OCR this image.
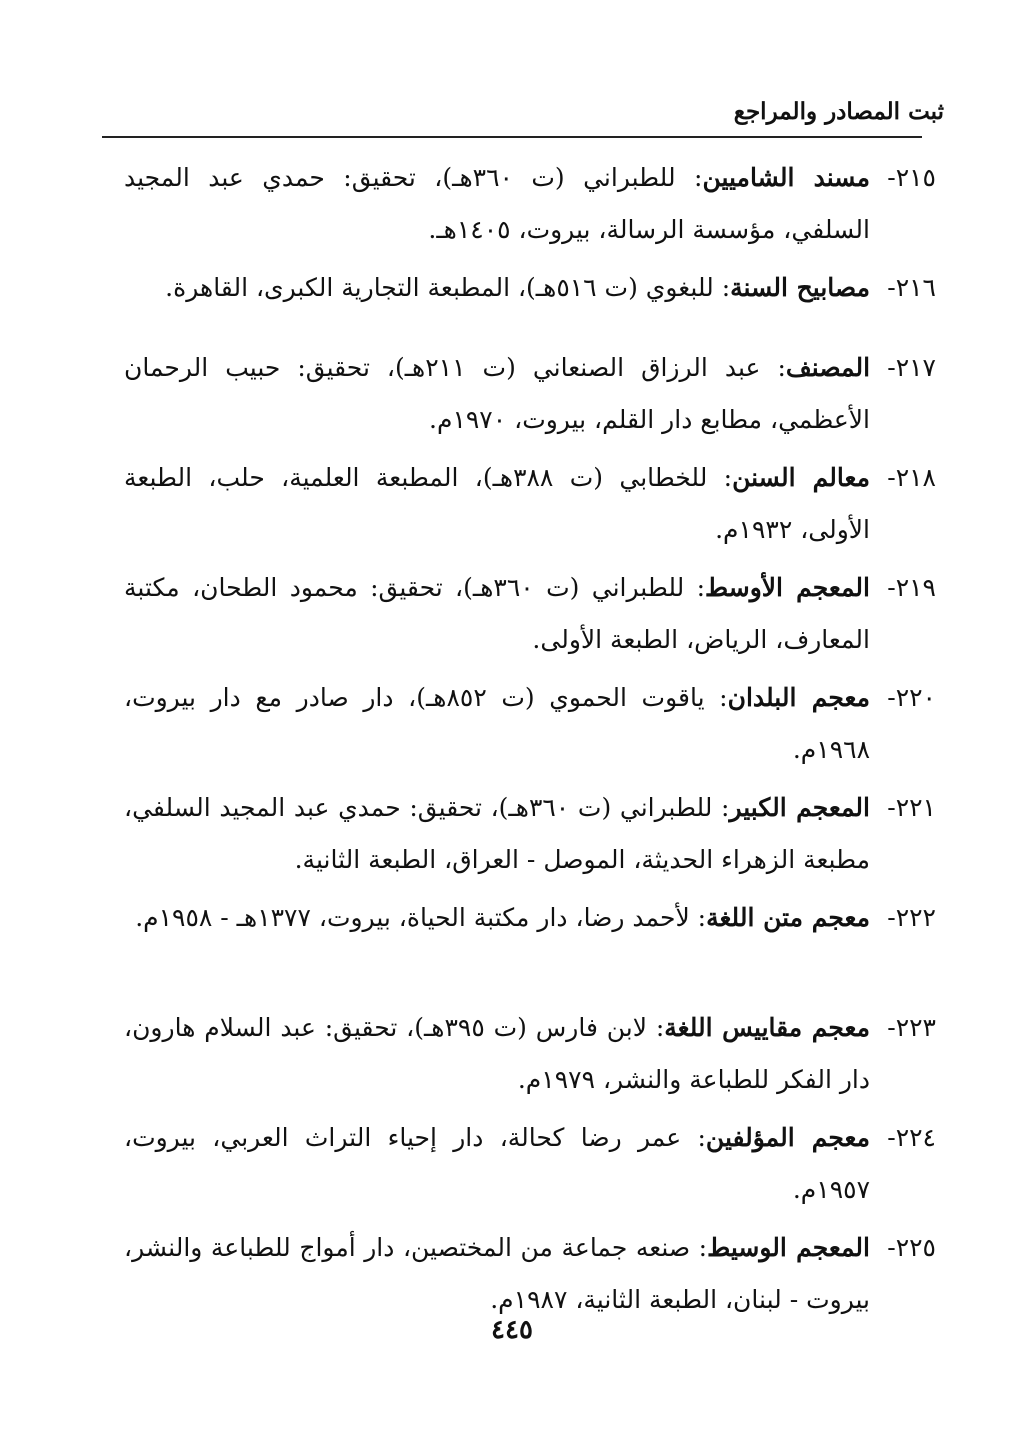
ثبت المصادر والمراجع
٢١٥-
مسند الشاميين: للطبراني (ت ٣٦٠هـ)، تحقيق: حمدي عبد المجيد السلفي، مؤسسة الرسالة، بيروت، ١٤٠٥هـ.
٢١٦-
مصابيح السنة: للبغوي (ت ٥١٦هـ)، المطبعة التجارية الكبرى، القاهرة.
٢١٧-
المصنف: عبد الرزاق الصنعاني (ت ٢١١هـ)، تحقيق: حبيب الرحمان الأعظمي، مطابع دار القلم، بيروت، ١٩٧٠م.
٢١٨-
معالم السنن: للخطابي (ت ٣٨٨هـ)، المطبعة العلمية، حلب، الطبعة الأولى، ١٩٣٢م.
٢١٩-
المعجم الأوسط: للطبراني (ت ٣٦٠هـ)، تحقيق: محمود الطحان، مكتبة المعارف، الرياض، الطبعة الأولى.
٢٢٠-
معجم البلدان: ياقوت الحموي (ت ٨٥٢هـ)، دار صادر مع دار بيروت، ١٩٦٨م.
٢٢١-
المعجم الكبير: للطبراني (ت ٣٦٠هـ)، تحقيق: حمدي عبد المجيد السلفي، مطبعة الزهراء الحديثة، الموصل - العراق، الطبعة الثانية.
٢٢٢-
معجم متن اللغة: لأحمد رضا، دار مكتبة الحياة، بيروت، ١٣٧٧هـ - ١٩٥٨م.
٢٢٣-
معجم مقاييس اللغة: لابن فارس (ت ٣٩٥هـ)، تحقيق: عبد السلام هارون، دار الفكر للطباعة والنشر، ١٩٧٩م.
٢٢٤-
معجم المؤلفين: عمر رضا كحالة، دار إحياء التراث العربي، بيروت، ١٩٥٧م.
٢٢٥-
المعجم الوسيط: صنعه جماعة من المختصين، دار أمواج للطباعة والنشر، بيروت - لبنان، الطبعة الثانية، ١٩٨٧م.
٤٤٥
